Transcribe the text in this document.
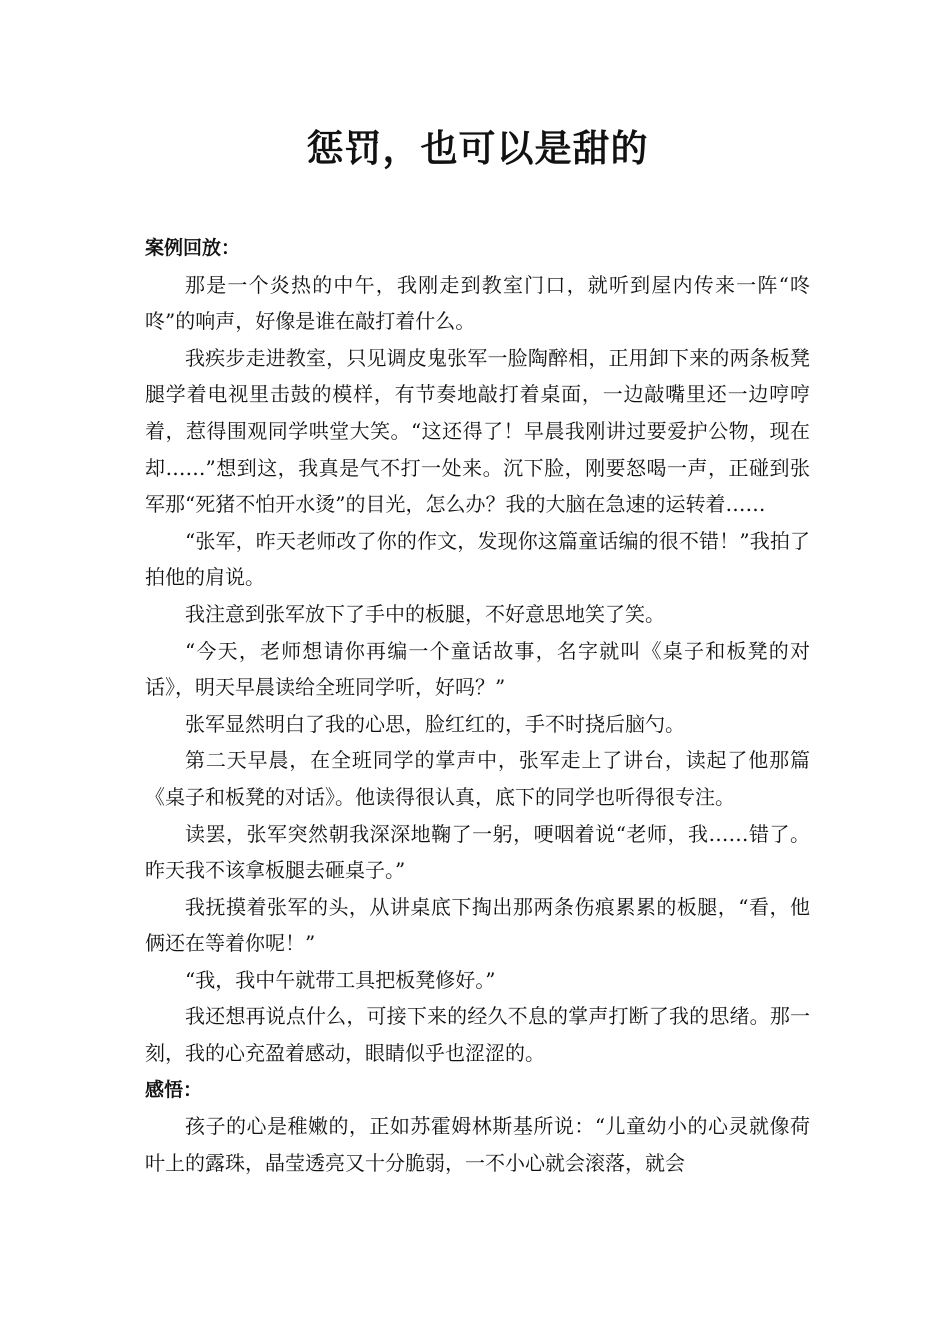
惩罚，也可以是甜的

案例回放：

那是一个炎热的中午，我刚走到教室门口，就听到屋内传来一阵“咚咚”的响声，好像是谁在敲打着什么。

我疾步走进教室，只见调皮鬼张军一脸陶醉相，正用卸下来的两条板凳腿学着电视里击鼓的模样，有节奏地敲打着桌面，一边敲嘴里还一边哼哼着，惹得围观同学哄堂大笑。“这还得了！早晨我刚讲过要爱护公物，现在却……”想到这，我真是气不打一处来。沉下脸，刚要怒喝一声，正碰到张军那“死猪不怕开水烫”的目光，怎么办？我的大脑在急速的运转着……

“张军，昨天老师改了你的作文，发现你这篇童话编的很不错！”我拍了拍他的肩说。

我注意到张军放下了手中的板腿，不好意思地笑了笑。

“今天，老师想请你再编一个童话故事，名字就叫《桌子和板凳的对话》，明天早晨读给全班同学听，好吗？”

张军显然明白了我的心思，脸红红的，手不时挠后脑勺。

第二天早晨，在全班同学的掌声中，张军走上了讲台，读起了他那篇《桌子和板凳的对话》。他读得很认真，底下的同学也听得很专注。

读罢，张军突然朝我深深地鞠了一躬，哽咽着说“老师，我……错了。昨天我不该拿板腿去砸桌子。”

我抚摸着张军的头，从讲桌底下掏出那两条伤痕累累的板腿，“看，他俩还在等着你呢！”

“我，我中午就带工具把板凳修好。”

我还想再说点什么，可接下来的经久不息的掌声打断了我的思绪。那一刻，我的心充盈着感动，眼睛似乎也涩涩的。

感悟：

孩子的心是稚嫩的，正如苏霍姆林斯基所说：“儿童幼小的心灵就像荷叶上的露珠，晶莹透亮又十分脆弱，一不小心就会滚落，就会
